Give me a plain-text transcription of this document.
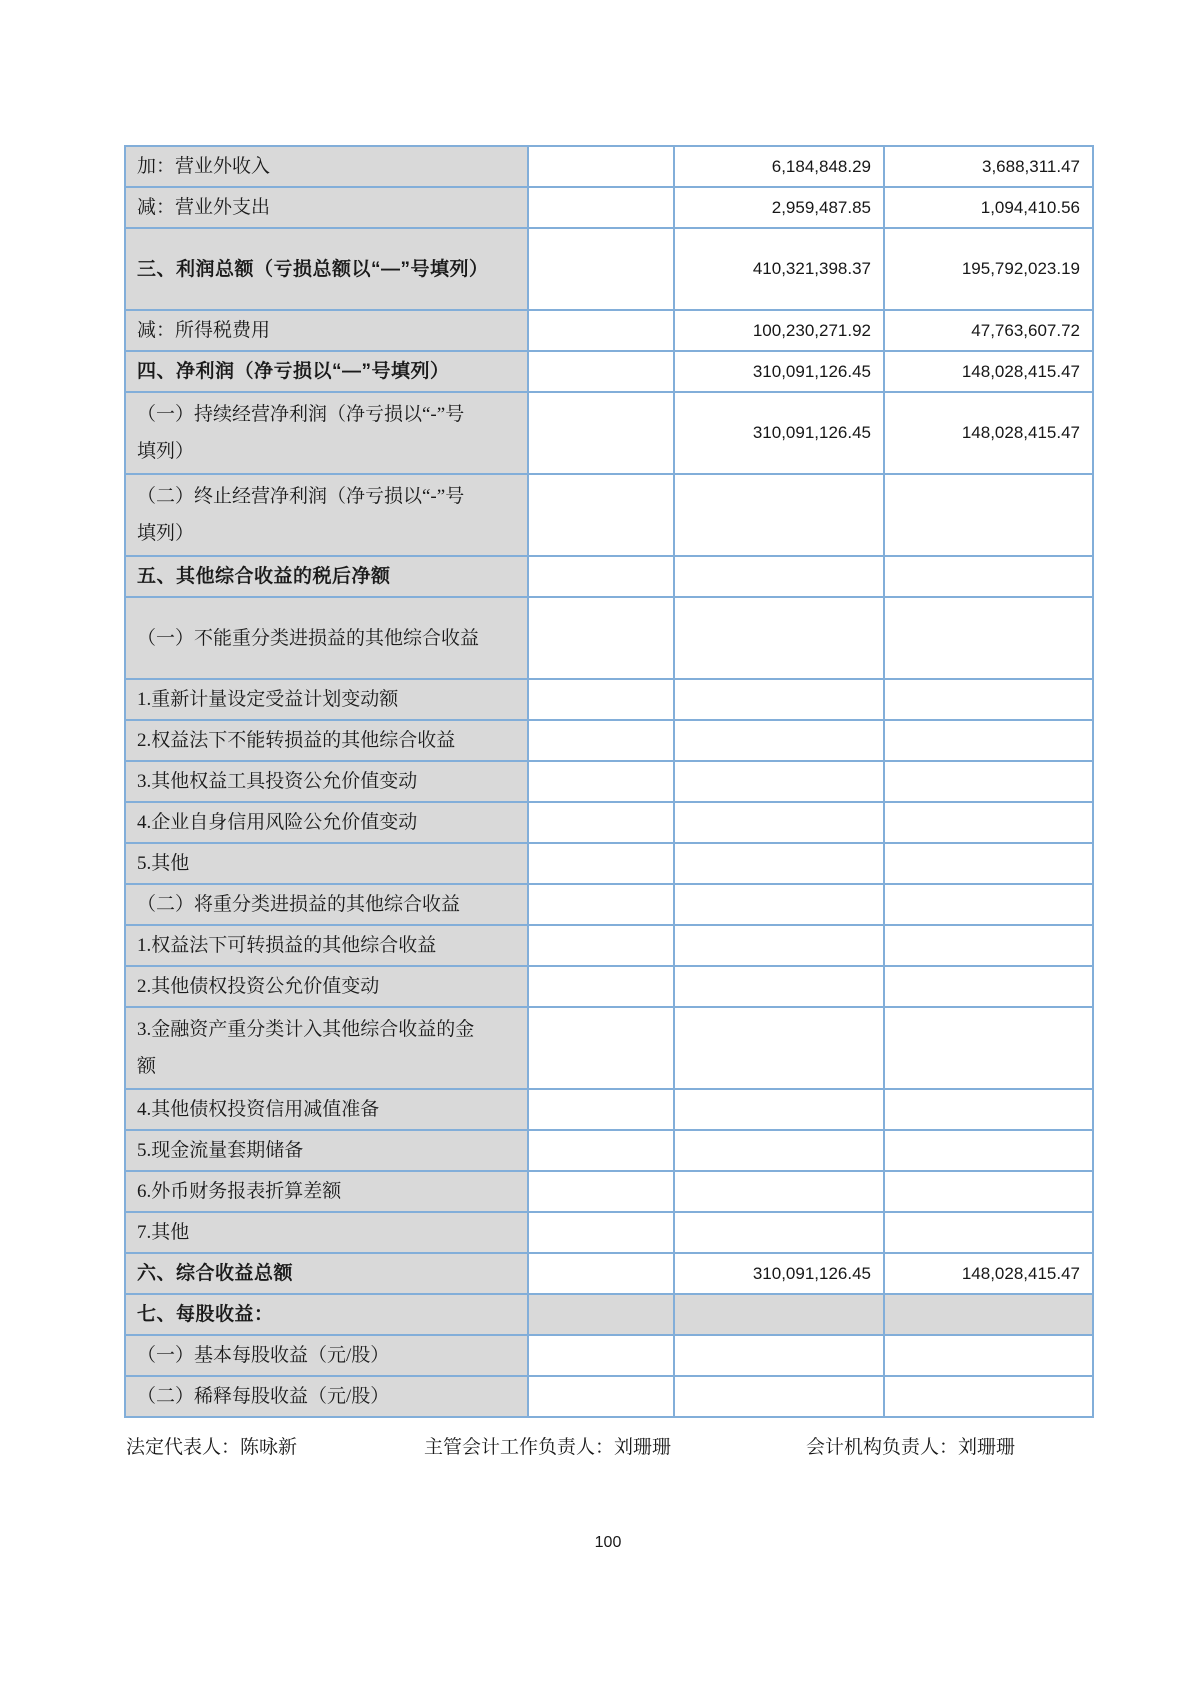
加：营业外收入		6,184,848.29	3,688,311.47
减：营业外支出		2,959,487.85	1,094,410.56
三、利润总额（亏损总额以“—”号填列）		410,321,398.37	195,792,023.19
减：所得税费用		100,230,271.92	47,763,607.72
四、净利润（净亏损以“—”号填列）		310,091,126.45	148,028,415.47
（一）持续经营净利润（净亏损以“-”号填列）		310,091,126.45	148,028,415.47
（二）终止经营净利润（净亏损以“-”号填列）			
五、其他综合收益的税后净额			
（一）不能重分类进损益的其他综合收益			
1.重新计量设定受益计划变动额			
2.权益法下不能转损益的其他综合收益			
3.其他权益工具投资公允价值变动			
4.企业自身信用风险公允价值变动			
5.其他			
（二）将重分类进损益的其他综合收益			
1.权益法下可转损益的其他综合收益			
2.其他债权投资公允价值变动			
3.金融资产重分类计入其他综合收益的金额			
4.其他债权投资信用减值准备			
5.现金流量套期储备			
6.外币财务报表折算差额			
7.其他			
六、综合收益总额		310,091,126.45	148,028,415.47
七、每股收益：			
（一）基本每股收益（元/股）			
（二）稀释每股收益（元/股）			
法定代表人：陈咏新	主管会计工作负责人：刘珊珊	会计机构负责人：刘珊珊
100
